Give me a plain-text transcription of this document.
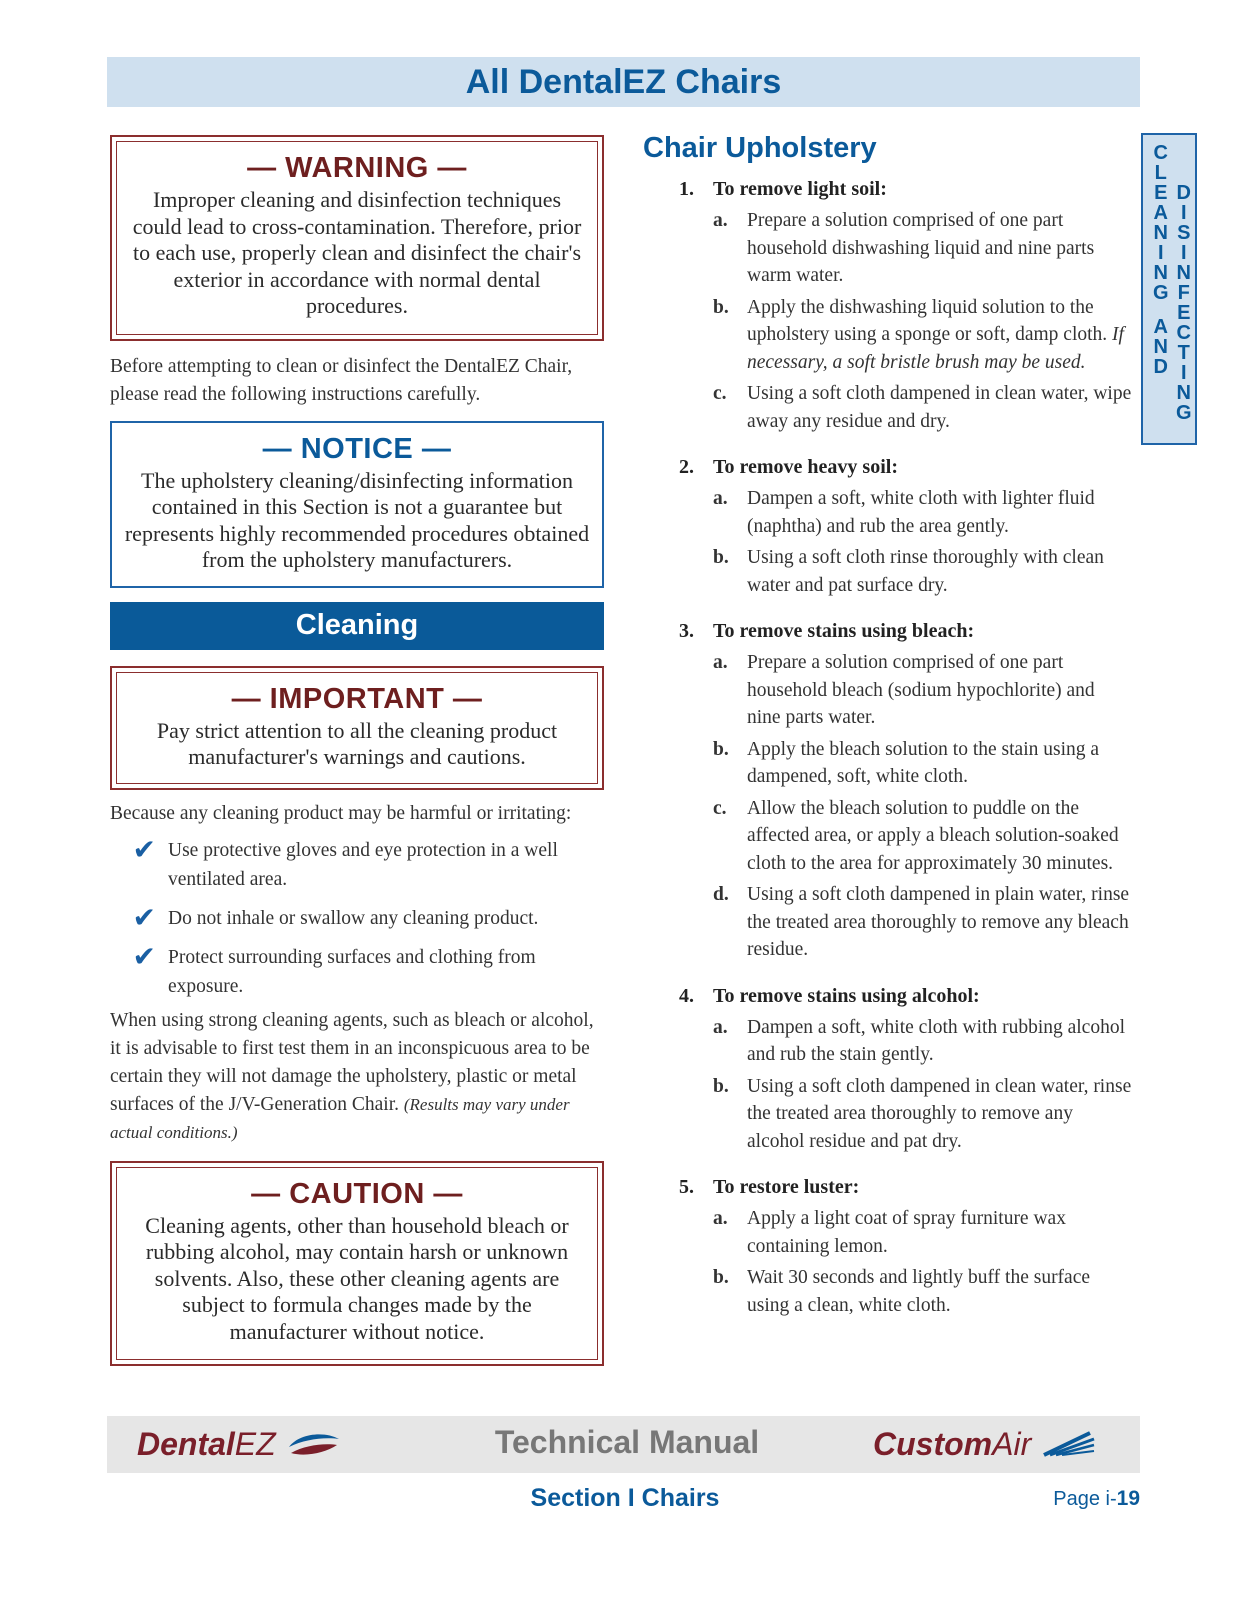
All DentalEZ Chairs
— WARNING —
Improper cleaning and disinfection techniques could lead to cross-contamination. Therefore, prior to each use, properly clean and disinfect the chair's exterior in accordance with normal dental procedures.

Before attempting to clean or disinfect the DentalEZ Chair, please read the following instructions carefully.

— NOTICE —
The upholstery cleaning/disinfecting information contained in this Section is not a guarantee but represents highly recommended procedures obtained from the upholstery manufacturers.
Cleaning
— IMPORTANT —
Pay strict attention to all the cleaning product manufacturer's warnings and cautions.

Because any cleaning product may be harmful or irritating:

✔ Use protective gloves and eye protection in a well ventilated area.
✔ Do not inhale or swallow any cleaning product.
✔ Protect surrounding surfaces and clothing from exposure.

When using strong cleaning agents, such as bleach or alcohol, it is advisable to first test them in an inconspicuous area to be certain they will not damage the upholstery, plastic or metal surfaces of the J/V-Generation Chair. (Results may vary under actual conditions.)

— CAUTION —
Cleaning agents, other than household bleach or rubbing alcohol, may contain harsh or unknown solvents. Also, these other cleaning agents are subject to formula changes made by the manufacturer without notice.
Chair Upholstery
1. To remove light soil:
a. Prepare a solution comprised of one part household dishwashing liquid and nine parts warm water.
b. Apply the dishwashing liquid solution to the upholstery using a sponge or soft, damp cloth. If necessary, a soft bristle brush may be used.
c.	Using a soft cloth dampened in clean water, wipe away any residue and dry.
2. To remove heavy soil:
a. Dampen a soft, white cloth with lighter fluid (naphtha) and rub the area gently.
b. Using a soft cloth rinse thoroughly with clean water and pat surface dry.
3. To remove stains using bleach:
a. Prepare a solution comprised of one part household bleach (sodium hypochlorite) and nine parts water.
b. Apply the bleach solution to the stain using a dampened, soft, white cloth.
c.	Allow the bleach solution to puddle on the affected area, or apply a bleach solution-soaked cloth to the area for approximately 30 minutes.
d. Using a soft cloth dampened in plain water, rinse the treated area thoroughly to remove any bleach residue.
4. To remove stains using alcohol:
a. Dampen a soft, white cloth with rubbing alcohol and rub the stain gently.
b. Using a soft cloth dampened in clean water, rinse the treated area thoroughly to remove any alcohol residue and pat dry.
5. To restore luster:
a. Apply a light coat of spray furniture wax containing lemon.
b. Wait 30 seconds and lightly buff the surface using a clean, white cloth.
C
L
E
A
N
I
N
G
A
N
D
D
I
S
I
N
F
E
C
T
I
N
G
DentalEZ	Technical Manual	CustomAir
Section I Chairs	Page i-19
